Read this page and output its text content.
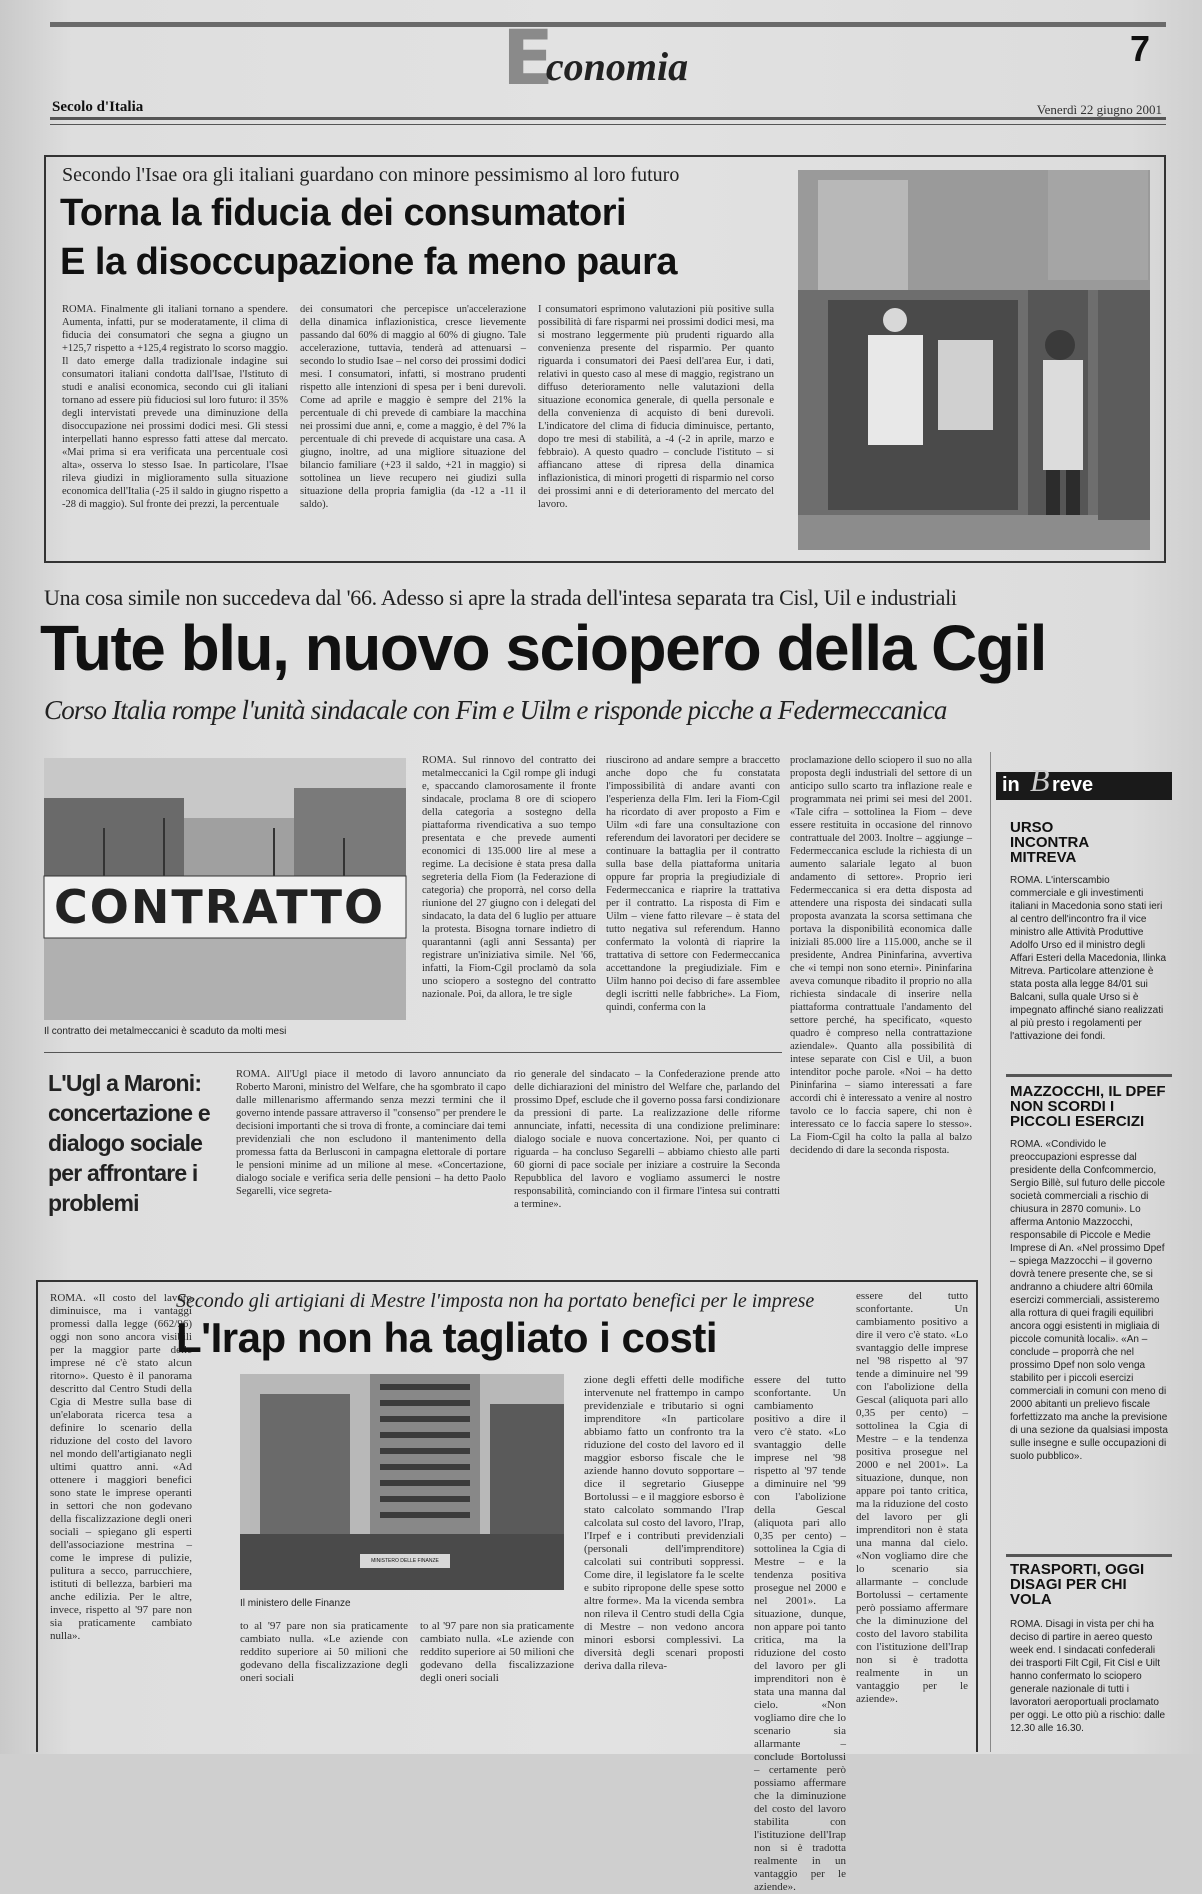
Economia	7
Secolo d'Italia	Venerdì 22 giugno 2001
Secondo l'Isae ora gli italiani guardano con minore pessimismo al loro futuro
Torna la fiducia dei consumatori
E la disoccupazione fa meno paura
ROMA. Finalmente gli italiani tornano a spendere. Aumenta, infatti, pur se moderatamente, il clima di fiducia dei consumatori che segna a giugno un +125,7 rispetto a +125,4 registrato lo scorso maggio. Il dato emerge dalla tradizionale indagine sui consumatori italiani condotta dall'Isae, l'Istituto di studi e analisi economica, secondo cui gli italiani tornano ad essere più fiduciosi sul loro futuro: il 35% degli intervistati prevede una diminuzione della disoccupazione nei prossimi dodici mesi. Gli stessi interpellati hanno espresso fatti attese dal mercato. «Mai prima si era verificata una percentuale così alta», osserva lo stesso Isae. In particolare, l'Isae rileva giudizi in miglioramento sulla situazione economica dell'Italia (-25 il saldo in giugno rispetto a -28 di maggio). Sul fronte dei prezzi, la percentuale
dei consumatori che percepisce un'accelerazione della dinamica inflazionistica, cresce lievemente passando dal 60% di maggio al 60% di giugno. Tale accelerazione, tuttavia, tenderà ad attenuarsi – secondo lo studio Isae – nel corso dei prossimi dodici mesi. I consumatori, infatti, si mostrano prudenti rispetto alle intenzioni di spesa per i beni durevoli. Come ad aprile e maggio è sempre del 21% la percentuale di chi prevede di cambiare la macchina nei prossimi due anni, e, come a maggio, è del 7% la percentuale di chi prevede di acquistare una casa. A giugno, inoltre, ad una migliore situazione del bilancio familiare (+23 il saldo, +21 in maggio) si sottolinea un lieve recupero nei giudizi sulla situazione della propria famiglia (da -12 a -11 il saldo).
I consumatori esprimono valutazioni più positive sulla possibilità di fare risparmi nei prossimi dodici mesi, ma si mostrano leggermente più prudenti riguardo alla convenienza presente del risparmio. Per quanto riguarda i consumatori dei Paesi dell'area Eur, i dati, relativi in questo caso al mese di maggio, registrano un diffuso deterioramento nelle valutazioni della situazione economica generale, di quella personale e della convenienza di acquisto di beni durevoli. L'indicatore del clima di fiducia diminuisce, pertanto, dopo tre mesi di stabilità, a -4 (-2 in aprile, marzo e febbraio). A questo quadro – conclude l'istituto – si affiancano attese di ripresa della dinamica inflazionistica, di minori progetti di risparmio nel corso dei prossimi anni e di deterioramento del mercato del lavoro.
Una cosa simile non succedeva dal '66. Adesso si apre la strada dell'intesa separata tra Cisl, Uil e industriali
Tute blu, nuovo sciopero della Cgil
Corso Italia rompe l'unità sindacale con Fim e Uilm e risponde picche a Federmeccanica
CONTRATTO
Il contratto dei metalmeccanici è scaduto da molti mesi
ROMA. Sul rinnovo del contratto dei metalmeccanici la Cgil rompe gli indugi e, spaccando clamorosamente il fronte sindacale, proclama 8 ore di sciopero della categoria a sostegno della piattaforma rivendicativa a suo tempo presentata e che prevede aumenti economici di 135.000 lire al mese a regime. La decisione è stata presa dalla segreteria della Fiom (la Federazione di categoria) che proporrà, nel corso della riunione del 27 giugno con i delegati del sindacato, la data del 6 luglio per attuare la protesta. Bisogna tornare indietro di quarantanni (agli anni Sessanta) per registrare un'iniziativa simile. Nel '66, infatti, la Fiom-Cgil proclamò da sola uno sciopero a sostegno del contratto nazionale. Poi, da allora, le tre sigle
riuscirono ad andare sempre a braccetto anche dopo che fu constatata l'impossibilità di andare avanti con l'esperienza della Flm. Ieri la Fiom-Cgil ha ricordato di aver proposto a Fim e Uilm «di fare una consultazione con referendum dei lavoratori per decidere se continuare la battaglia per il contratto sulla base della piattaforma unitaria oppure far propria la pregiudiziale di Federmeccanica e riaprire la trattativa per il contratto. La risposta di Fim e Uilm – viene fatto rilevare – è stata del tutto negativa sul referendum. Hanno confermato la volontà di riaprire la trattativa di settore con Federmeccanica accettandone la pregiudiziale. Fim e Uilm hanno poi deciso di fare assemblee degli iscritti nelle fabbriche». La Fiom, quindi, conferma con la
proclamazione dello sciopero il suo no alla proposta degli industriali del settore di un anticipo sullo scarto tra inflazione reale e programmata nei primi sei mesi del 2001. «Tale cifra – sottolinea la Fiom – deve essere restituita in occasione del rinnovo contrattuale del 2003. Inoltre – aggiunge – Federmeccanica esclude la richiesta di un aumento salariale legato al buon andamento di settore». Proprio ieri Federmeccanica si era detta disposta ad attendere una risposta dei sindacati sulla proposta avanzata la scorsa settimana che portava la disponibilità economica dalle iniziali 85.000 lire a 115.000, anche se il presidente, Andrea Pininfarina, avvertiva che «i tempi non sono eterni». Pininfarina aveva comunque ribadito il proprio no alla richiesta sindacale di inserire nella piattaforma contrattuale l'andamento del settore perché, ha specificato, «questo quadro è compreso nella contrattazione aziendale». Quanto alla possibilità di intese separate con Cisl e Uil, a buon intenditor poche parole. «Noi – ha detto Pininfarina – siamo interessati a fare accordi chi è interessato a venire al nostro tavolo ce lo faccia sapere, chi non è interessato ce lo faccia sapere lo stesso». La Fiom-Cgil ha colto la palla al balzo decidendo di dare la seconda risposta.
L'Ugl a Maroni: concertazione e dialogo sociale per affrontare i problemi
ROMA. All'Ugl piace il metodo di lavoro annunciato da Roberto Maroni, ministro del Welfare, che ha sgombrato il capo dalle millenarismo affermando senza mezzi termini che il governo intende passare attraverso il "consenso" per prendere le decisioni importanti che si trova di fronte, a cominciare dai temi previdenziali che non escludono il mantenimento della promessa fatta da Berlusconi in campagna elettorale di portare le pensioni minime ad un milione al mese. «Concertazione, dialogo sociale e verifica seria delle pensioni – ha detto Paolo Segarelli, vice segreta-
rio generale del sindacato – la Confederazione prende atto delle dichiarazioni del ministro del Welfare che, parlando del prossimo Dpef, esclude che il governo possa farsi condizionare da pressioni di parte. La realizzazione delle riforme annunciate, infatti, necessita di una condizione preliminare: dialogo sociale e nuova concertazione. Noi, per quanto ci riguarda – ha concluso Segarelli – abbiamo chiesto alle parti 60 giorni di pace sociale per iniziare a costruire la Seconda Repubblica del lavoro e vogliamo assumerci le nostre responsabilità, cominciando con il firmare l'intesa sui contratti a termine».
in B reve
URSO INCONTRA MITREVA
ROMA. L'interscambio commerciale e gli investimenti italiani in Macedonia sono stati ieri al centro dell'incontro fra il vice ministro alle Attività Produttive Adolfo Urso ed il ministro degli Affari Esteri della Macedonia, Ilinka Mitreva. Particolare attenzione è stata posta alla legge 84/01 sui Balcani, sulla quale Urso si è impegnato affinché siano realizzati al più presto i regolamenti per l'attivazione dei fondi.
MAZZOCCHI, IL DPEF NON SCORDI I PICCOLI ESERCIZI
ROMA. «Condivido le preoccupazioni espresse dal presidente della Confcommercio, Sergio Billè, sul futuro delle piccole società commerciali a rischio di chiusura in 2870 comuni». Lo afferma Antonio Mazzocchi, responsabile di Piccole e Medie Imprese di An. «Nel prossimo Dpef – spiega Mazzocchi – il governo dovrà tenere presente che, se si andranno a chiudere altri 60mila esercizi commerciali, assisteremo alla rottura di quei fragili equilibri ancora oggi esistenti in migliaia di piccole comunità locali». «An – conclude – proporrà che nel prossimo Dpef non solo venga stabilito per i piccoli esercizi commerciali in comuni con meno di 2000 abitanti un prelievo fiscale forfettizzato ma anche la previsione di una sezione da qualsiasi imposta sulle insegne e sulle occupazioni di suolo pubblico».
TRASPORTI, OGGI DISAGI PER CHI VOLA
ROMA. Disagi in vista per chi ha deciso di partire in aereo questo week end. I sindacati confederali dei trasporti Filt Cgil, Fit Cisl e Uilt hanno confermato lo sciopero generale nazionale di tutti i lavoratori aeroportuali proclamato per oggi. Le otto più a rischio: dalle 12.30 alle 16.30.
ROMA. «Il costo del lavoro diminuisce, ma i vantaggi promessi dalla legge (662/96) oggi non sono ancora visibili per la maggior parte delle imprese né c'è stato alcun ritorno». Questo è il panorama descritto dal Centro Studi della Cgia di Mestre sulla base di un'elaborata ricerca tesa a definire lo scenario della riduzione del costo del lavoro nel mondo dell'artigianato negli ultimi quattro anni. «Ad ottenere i maggiori benefici sono state le imprese operanti in settori che non godevano della fiscalizzazione degli oneri sociali – spiegano gli esperti dell'associazione mestrina – come le imprese di pulizie, pulitura a secco, parrucchiere, istituti di bellezza, barbieri ma anche edilizia. Per le altre, invece, rispetto al '97 pare non sia praticamente cambiato nulla».
Secondo gli artigiani di Mestre l'imposta non ha portato benefici per le imprese
L'Irap non ha tagliato i costi
essere del tutto sconfortante. Un cambiamento positivo a dire il vero c'è stato. «Lo svantaggio delle imprese nel '98 rispetto al '97 tende a diminuire nel '99 con l'abolizione della Gescal (aliquota pari allo 0,35 per cento) – sottolinea la Cgia di Mestre – e la tendenza positiva prosegue nel 2000 e nel 2001». La situazione, dunque, non appare poi tanto critica, ma la riduzione del costo del lavoro per gli imprenditori non è stata una manna dal cielo. «Non vogliamo dire che lo scenario sia allarmante – conclude Bortolussi – certamente però possiamo affermare che la diminuzione del costo del lavoro stabilita con l'istituzione dell'Irap non si è tradotta realmente in un vantaggio per le aziende».
MINISTERO DELLE FINANZE
Il ministero delle Finanze
to al '97 pare non sia praticamente cambiato nulla. «Le aziende con reddito superiore ai 50 milioni che godevano della fiscalizzazione degli oneri sociali
zione degli effetti delle modifiche intervenute nel frattempo in campo previdenziale e tributario si ogni imprenditore «In particolare abbiamo fatto un confronto tra la riduzione del costo del lavoro ed il maggior esborso fiscale che le aziende hanno dovuto sopportare – dice il segretario Giuseppe Bortolussi – e il maggiore esborso è stato calcolato sommando l'Irap calcolata sul costo del lavoro, l'Irap, l'Irpef e i contributi previdenziali (personali dell'imprenditore) calcolati sui contributi soppressi. Come dire, il legislatore fa le scelte e subito ripropone delle spese sotto altre forme». Ma la vicenda sembra non rileva il Centro studi della Cgia di Mestre – non vedono ancora minori esborsi complessivi. La diversità degli scenari proposti deriva dalla rileva-
to al '97 pare non sia praticamente cambiato nulla. «Le aziende con reddito superiore ai 50 milioni che godevano della fiscalizzazione degli oneri sociali
essere del tutto sconfortante. Un cambiamento positivo a dire il vero c'è stato. «Lo svantaggio delle imprese nel '98 rispetto al '97 tende a diminuire nel '99 con l'abolizione della Gescal (aliquota pari allo 0,35 per cento) – sottolinea la Cgia di Mestre – e la tendenza positiva prosegue nel 2000 e nel 2001». La situazione, dunque, non appare poi tanto critica, ma la riduzione del costo del lavoro per gli imprenditori non è stata una manna dal cielo. «Non vogliamo dire che lo scenario sia allarmante – conclude Bortolussi – certamente però possiamo affermare che la diminuzione del costo del lavoro stabilita con l'istituzione dell'Irap non si è tradotta realmente in un vantaggio per le aziende».
